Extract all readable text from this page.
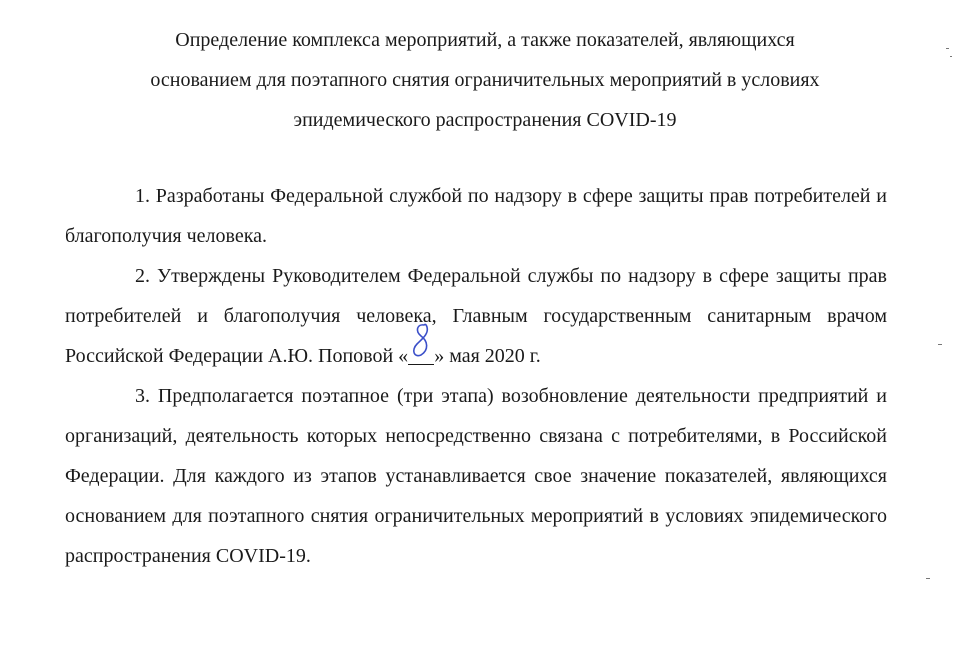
Определение комплекса мероприятий, а также показателей, являющихся
основанием для поэтапного снятия ограничительных мероприятий в условиях
эпидемического распространения COVID-19

1. Разработаны Федеральной службой по надзору в сфере защиты прав потребителей и благополучия человека.

2. Утверждены Руководителем Федеральной службы по надзору в сфере защиты прав потребителей и благополучия человека, Главным государственным санитарным врачом Российской Федерации А.Ю. Поповой « » мая 2020 г.

3. Предполагается поэтапное (три этапа) возобновление деятельности предприятий и организаций, деятельность которых непосредственно связана с потребителями, в Российской Федерации. Для каждого из этапов устанавливается свое значение показателей, являющихся основанием для поэтапного снятия ограничительных мероприятий в условиях эпидемического распространения COVID-19.
